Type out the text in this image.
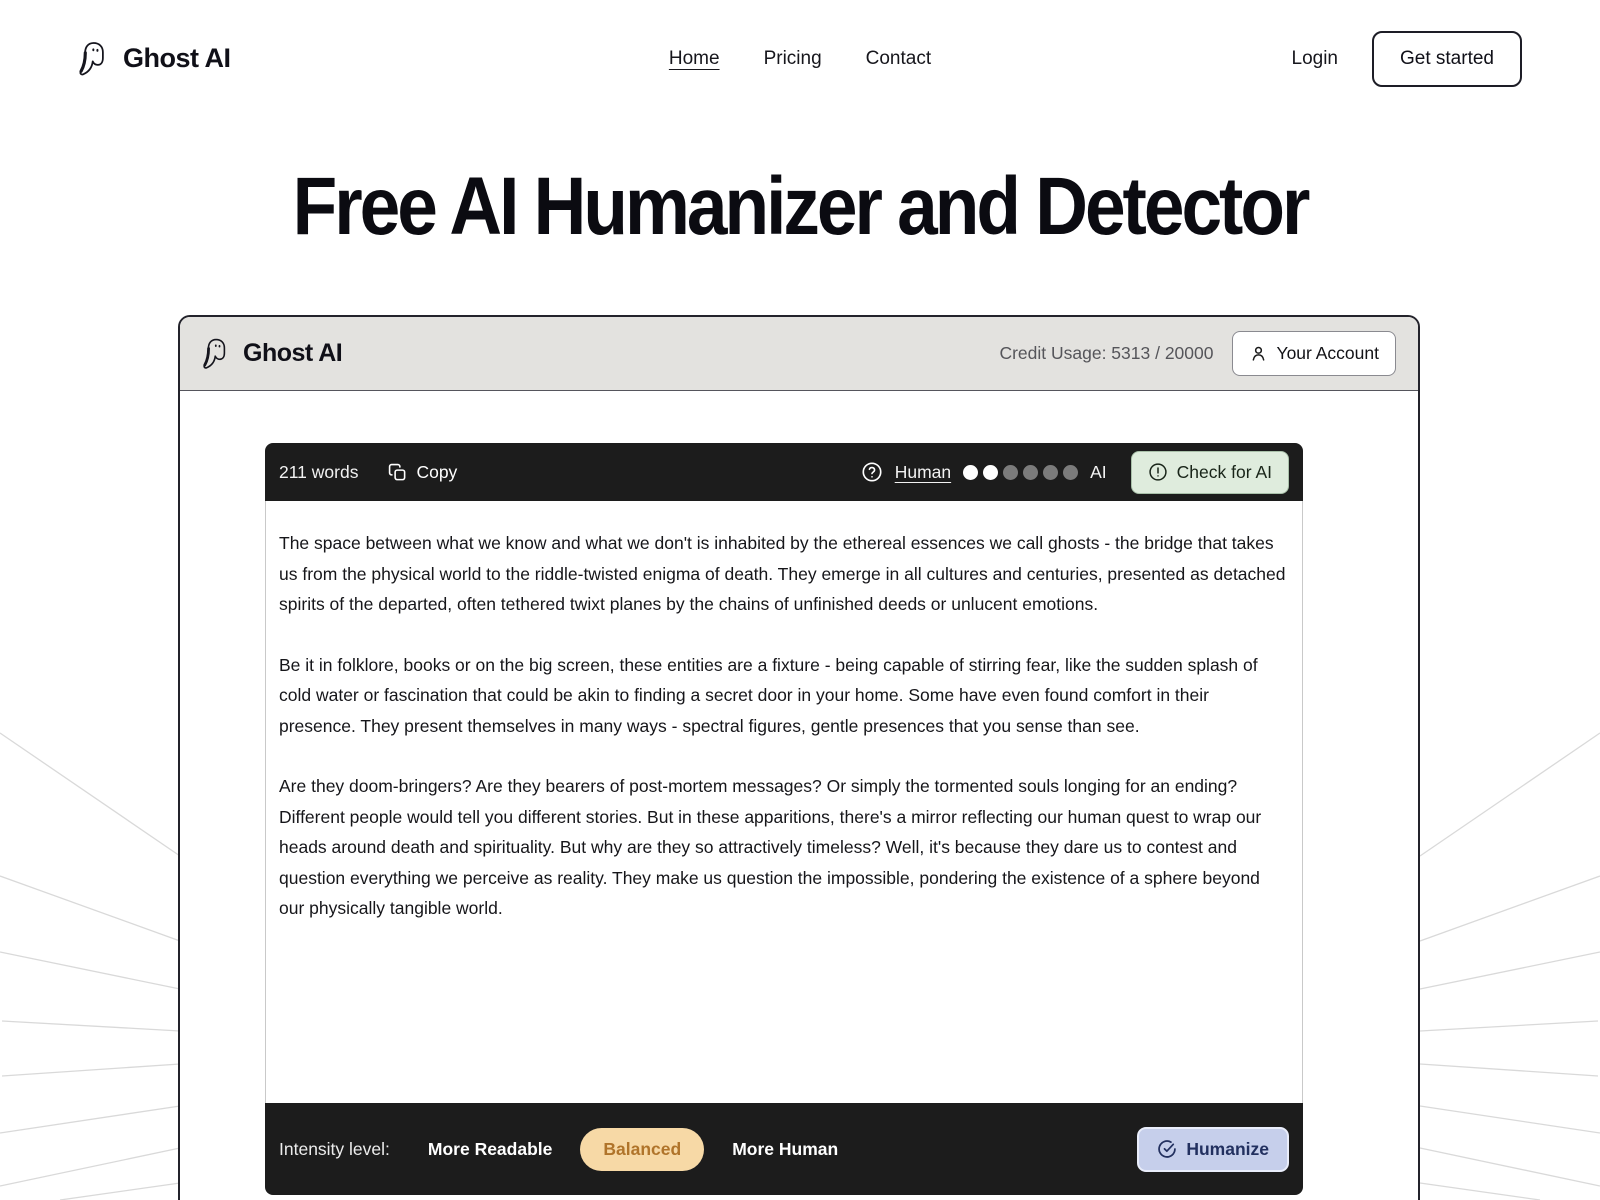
Ghost AI	Home Pricing Contact	Login	Get started
Free AI Humanizer and Detector
Ghost AI	Credit Usage: 5313 / 20000	Your Account
211 words	Copy	Human	AI	Check for AI

The space between what we know and what we don't is inhabited by the ethereal essences we call ghosts - the bridge that takes us from the physical world to the riddle-twisted enigma of death. They emerge in all cultures and centuries, presented as detached spirits of the departed, often tethered twixt planes by the chains of unfinished deeds or unlucent emotions.

Be it in folklore, books or on the big screen, these entities are a fixture - being capable of stirring fear, like the sudden splash of cold water or fascination that could be akin to finding a secret door in your home. Some have even found comfort in their presence. They present themselves in many ways - spectral figures, gentle presences that you sense than see.

Are they doom-bringers? Are they bearers of post-mortem messages? Or simply the tormented souls longing for an ending? Different people would tell you different stories. But in these apparitions, there's a mirror reflecting our human quest to wrap our heads around death and spirituality. But why are they so attractively timeless? Well, it's because they dare us to contest and question everything we perceive as reality. They make us question the impossible, pondering the existence of a sphere beyond our physically tangible world.

Intensity level: More Readable	Balanced	More Human	Humanize
